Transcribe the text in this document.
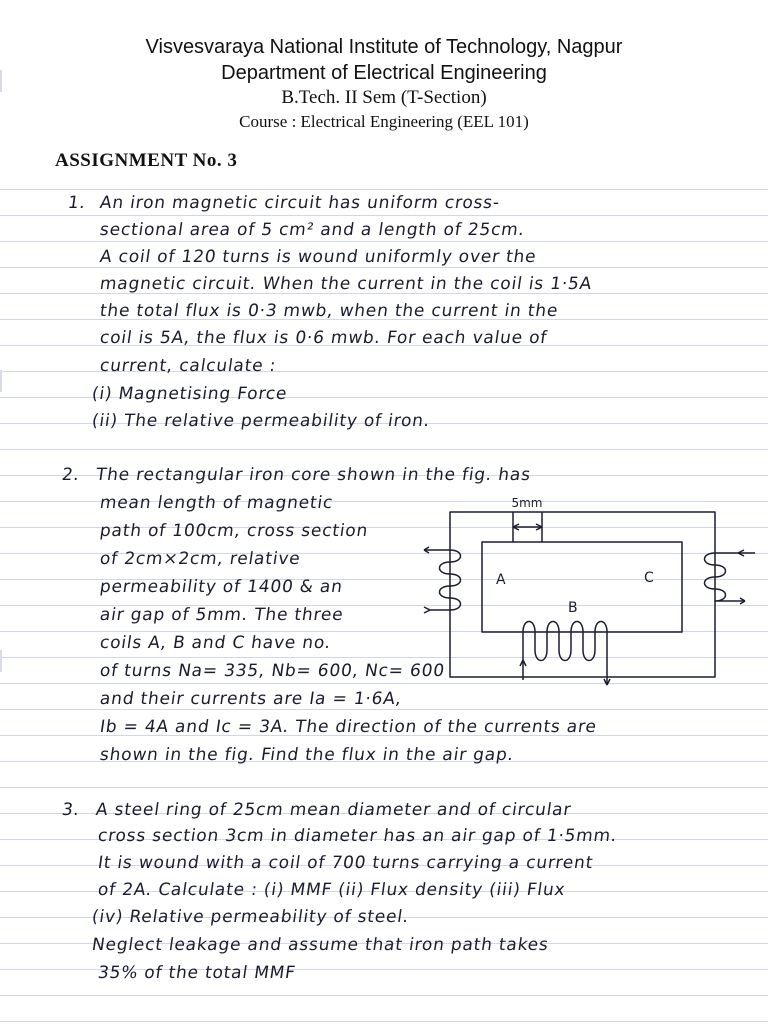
Visvesvaraya National Institute of Technology, Nagpur
Department of Electrical Engineering
B.Tech. II Sem (T-Section)
Course : Electrical Engineering (EEL 101)
ASSIGNMENT No. 3
1. An iron magnetic circuit has uniform cross-
sectional area of 5 cm² and a length of 25cm.
A coil of 120 turns is wound uniformly over the
magnetic circuit. When the current in the coil is 1·5A
the total flux is 0·3 mwb, when the current in the
coil is 5A, the flux is 0·6 mwb. For each value of
current, calculate :
(i) Magnetising Force
(ii) The relative permeability of iron.
2. The rectangular iron core shown in the fig. has
mean length of magnetic
path of 100cm, cross section
of 2cm×2cm, relative
permeability of 1400 & an
air gap of 5mm. The three
coils A, B and C have no.
of turns Na= 335, Nb= 600, Nc= 600
and their currents are Ia = 1·6A,
Ib = 4A and Ic = 3A. The direction of the currents are
shown in the fig. Find the flux in the air gap.
5mm
A
B
C
3. A steel ring of 25cm mean diameter and of circular
cross section 3cm in diameter has an air gap of 1·5mm.
It is wound with a coil of 700 turns carrying a current
of 2A. Calculate : (i) MMF (ii) Flux density (iii) Flux
(iv) Relative permeability of steel.
Neglect leakage and assume that iron path takes
35% of the total MMF
